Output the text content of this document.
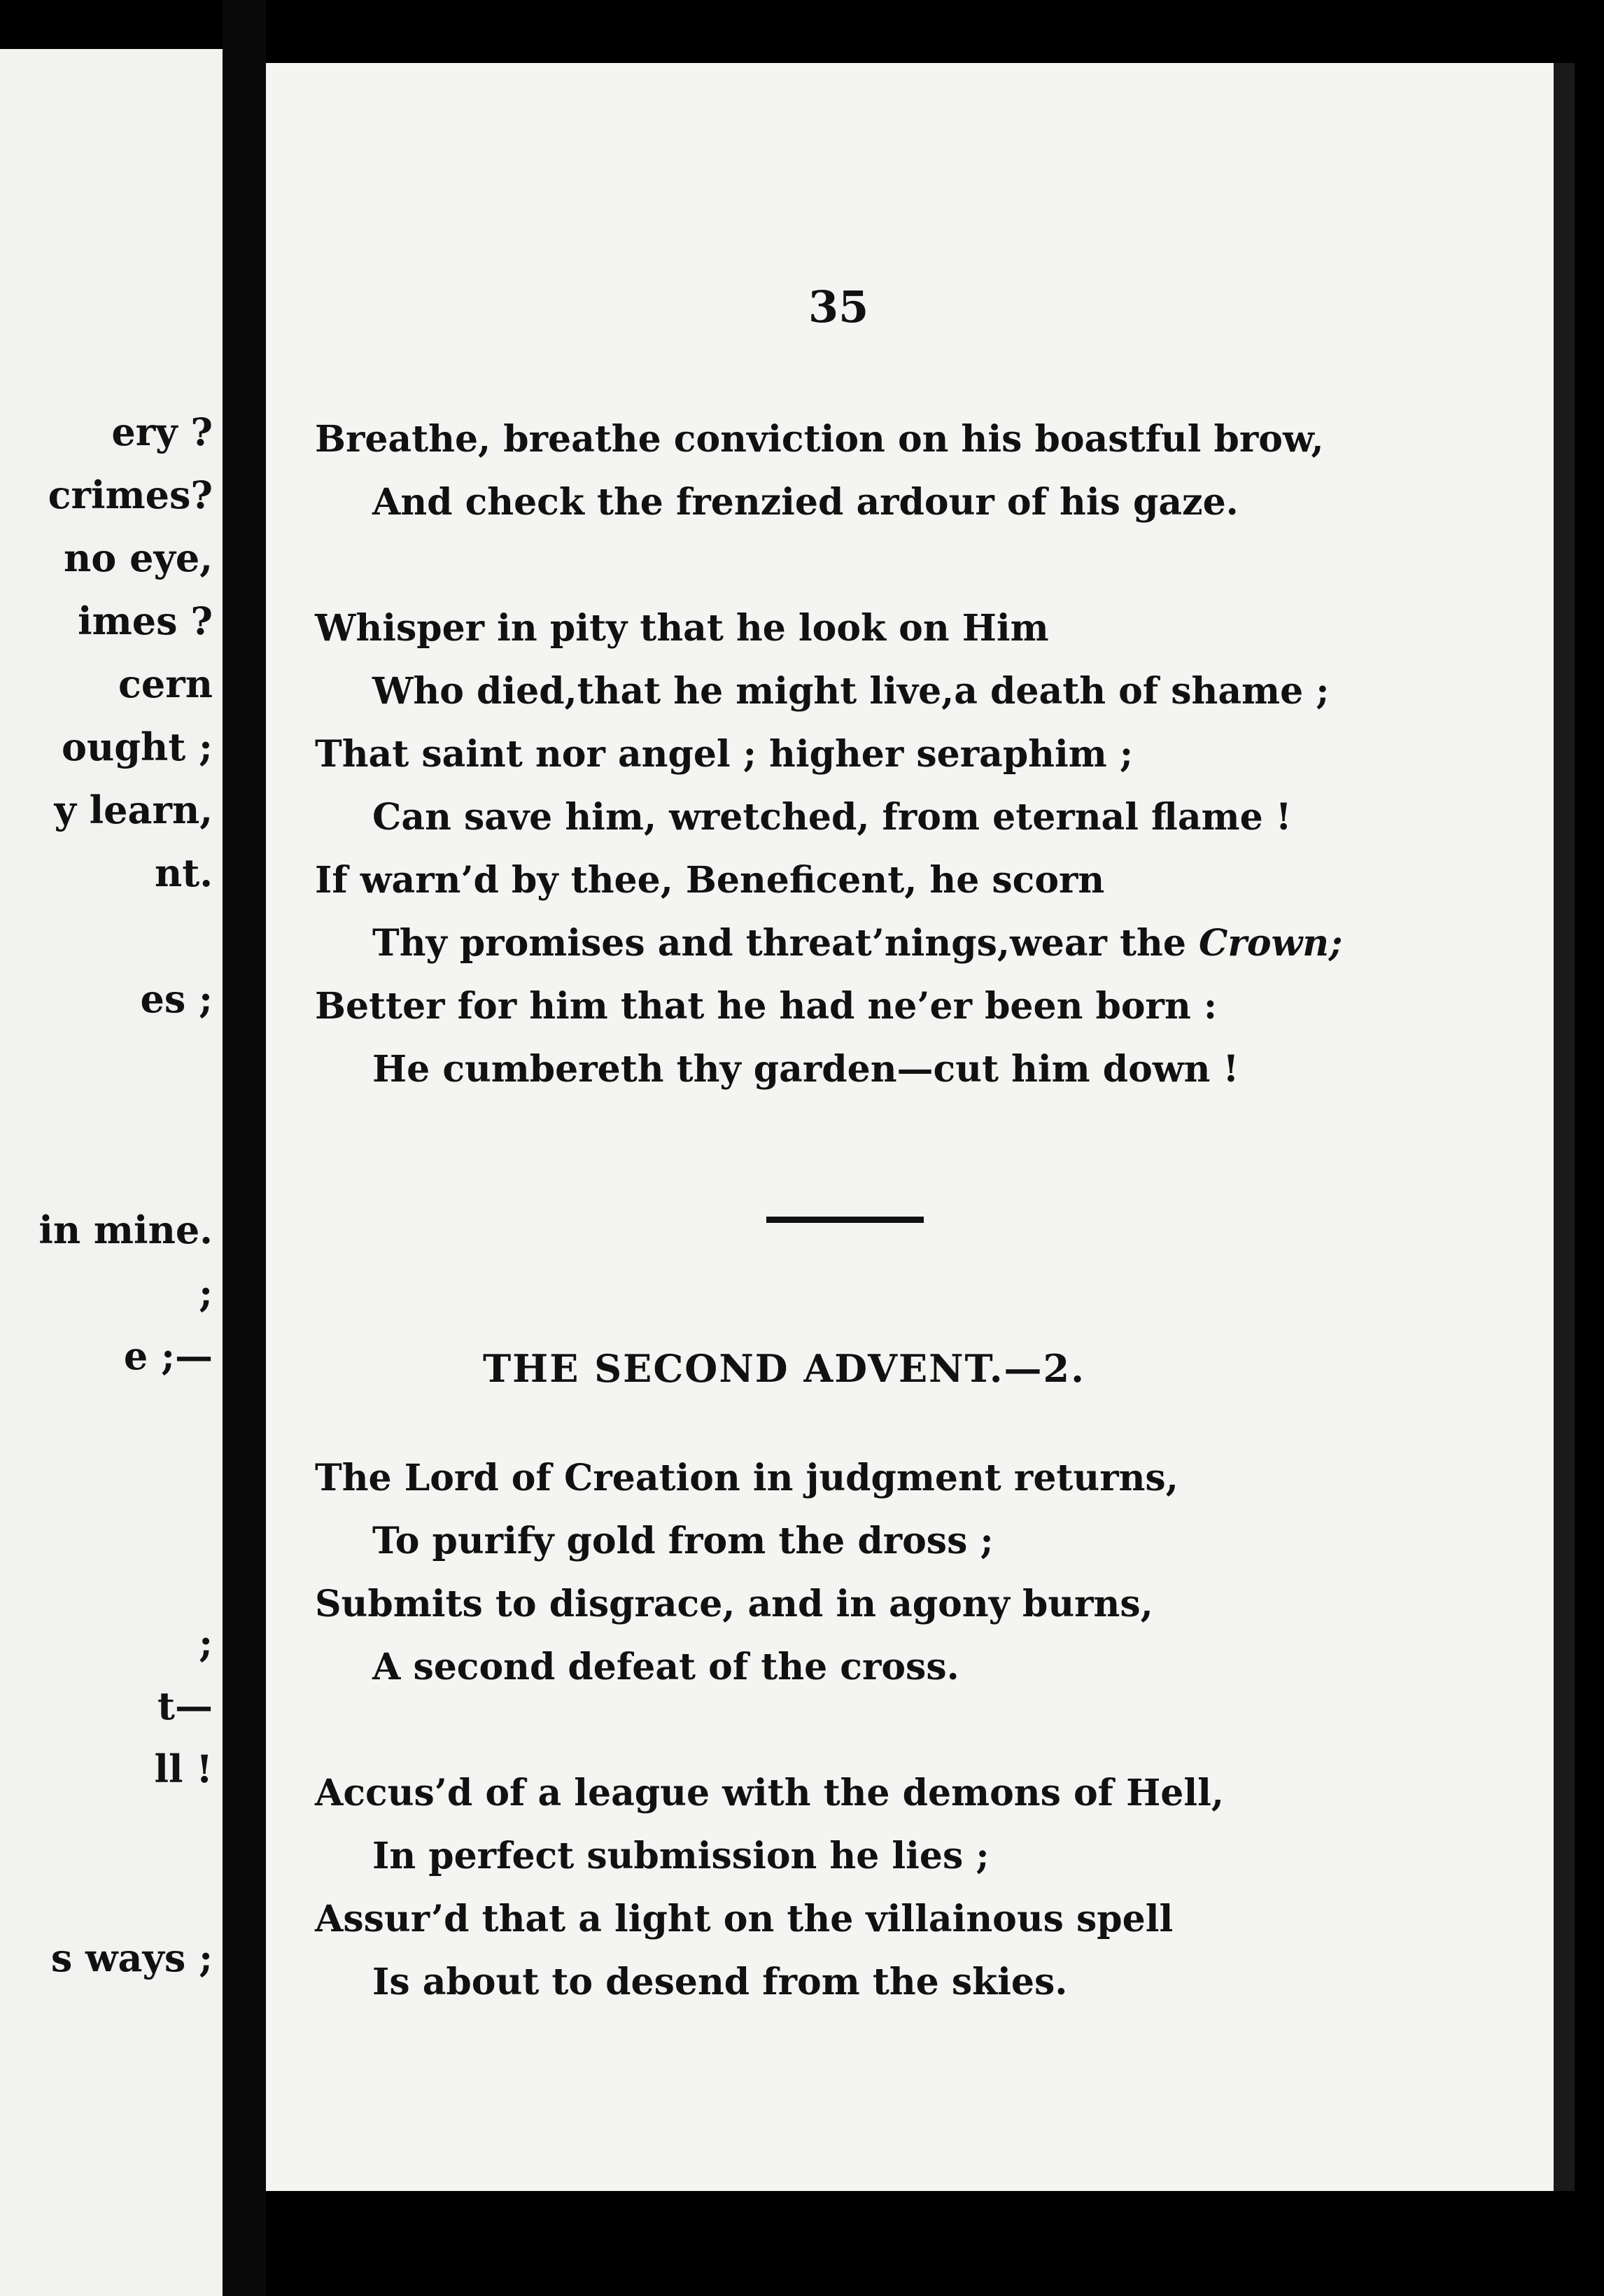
ery ?
crimes?
no eye,
imes ?
cern
ought ;
y learn,
nt.
es ;
in mine.
;
e ;—
;
t—
ll !
s ways ;
35
Breathe, breathe conviction on his boastful brow,
And check the frenzied ardour of his gaze.
Whisper in pity that he look on Him
Who died,that he might live,a death of shame ;
That saint nor angel ; higher seraphim ;
Can save him, wretched, from eternal flame !
If warn’d by thee, Beneficent, he scorn
Thy promises and threat’nings,wear the Crown;
Better for him that he had ne’er been born :
He cumbereth thy garden—cut him down !
THE SECOND ADVENT.—2.
The Lord of Creation in judgment returns,
To purify gold from the dross ;
Submits to disgrace, and in agony burns,
A second defeat of the cross.
Accus’d of a league with the demons of Hell,
In perfect submission he lies ;
Assur’d that a light on the villainous spell
Is about to desend from the skies.
